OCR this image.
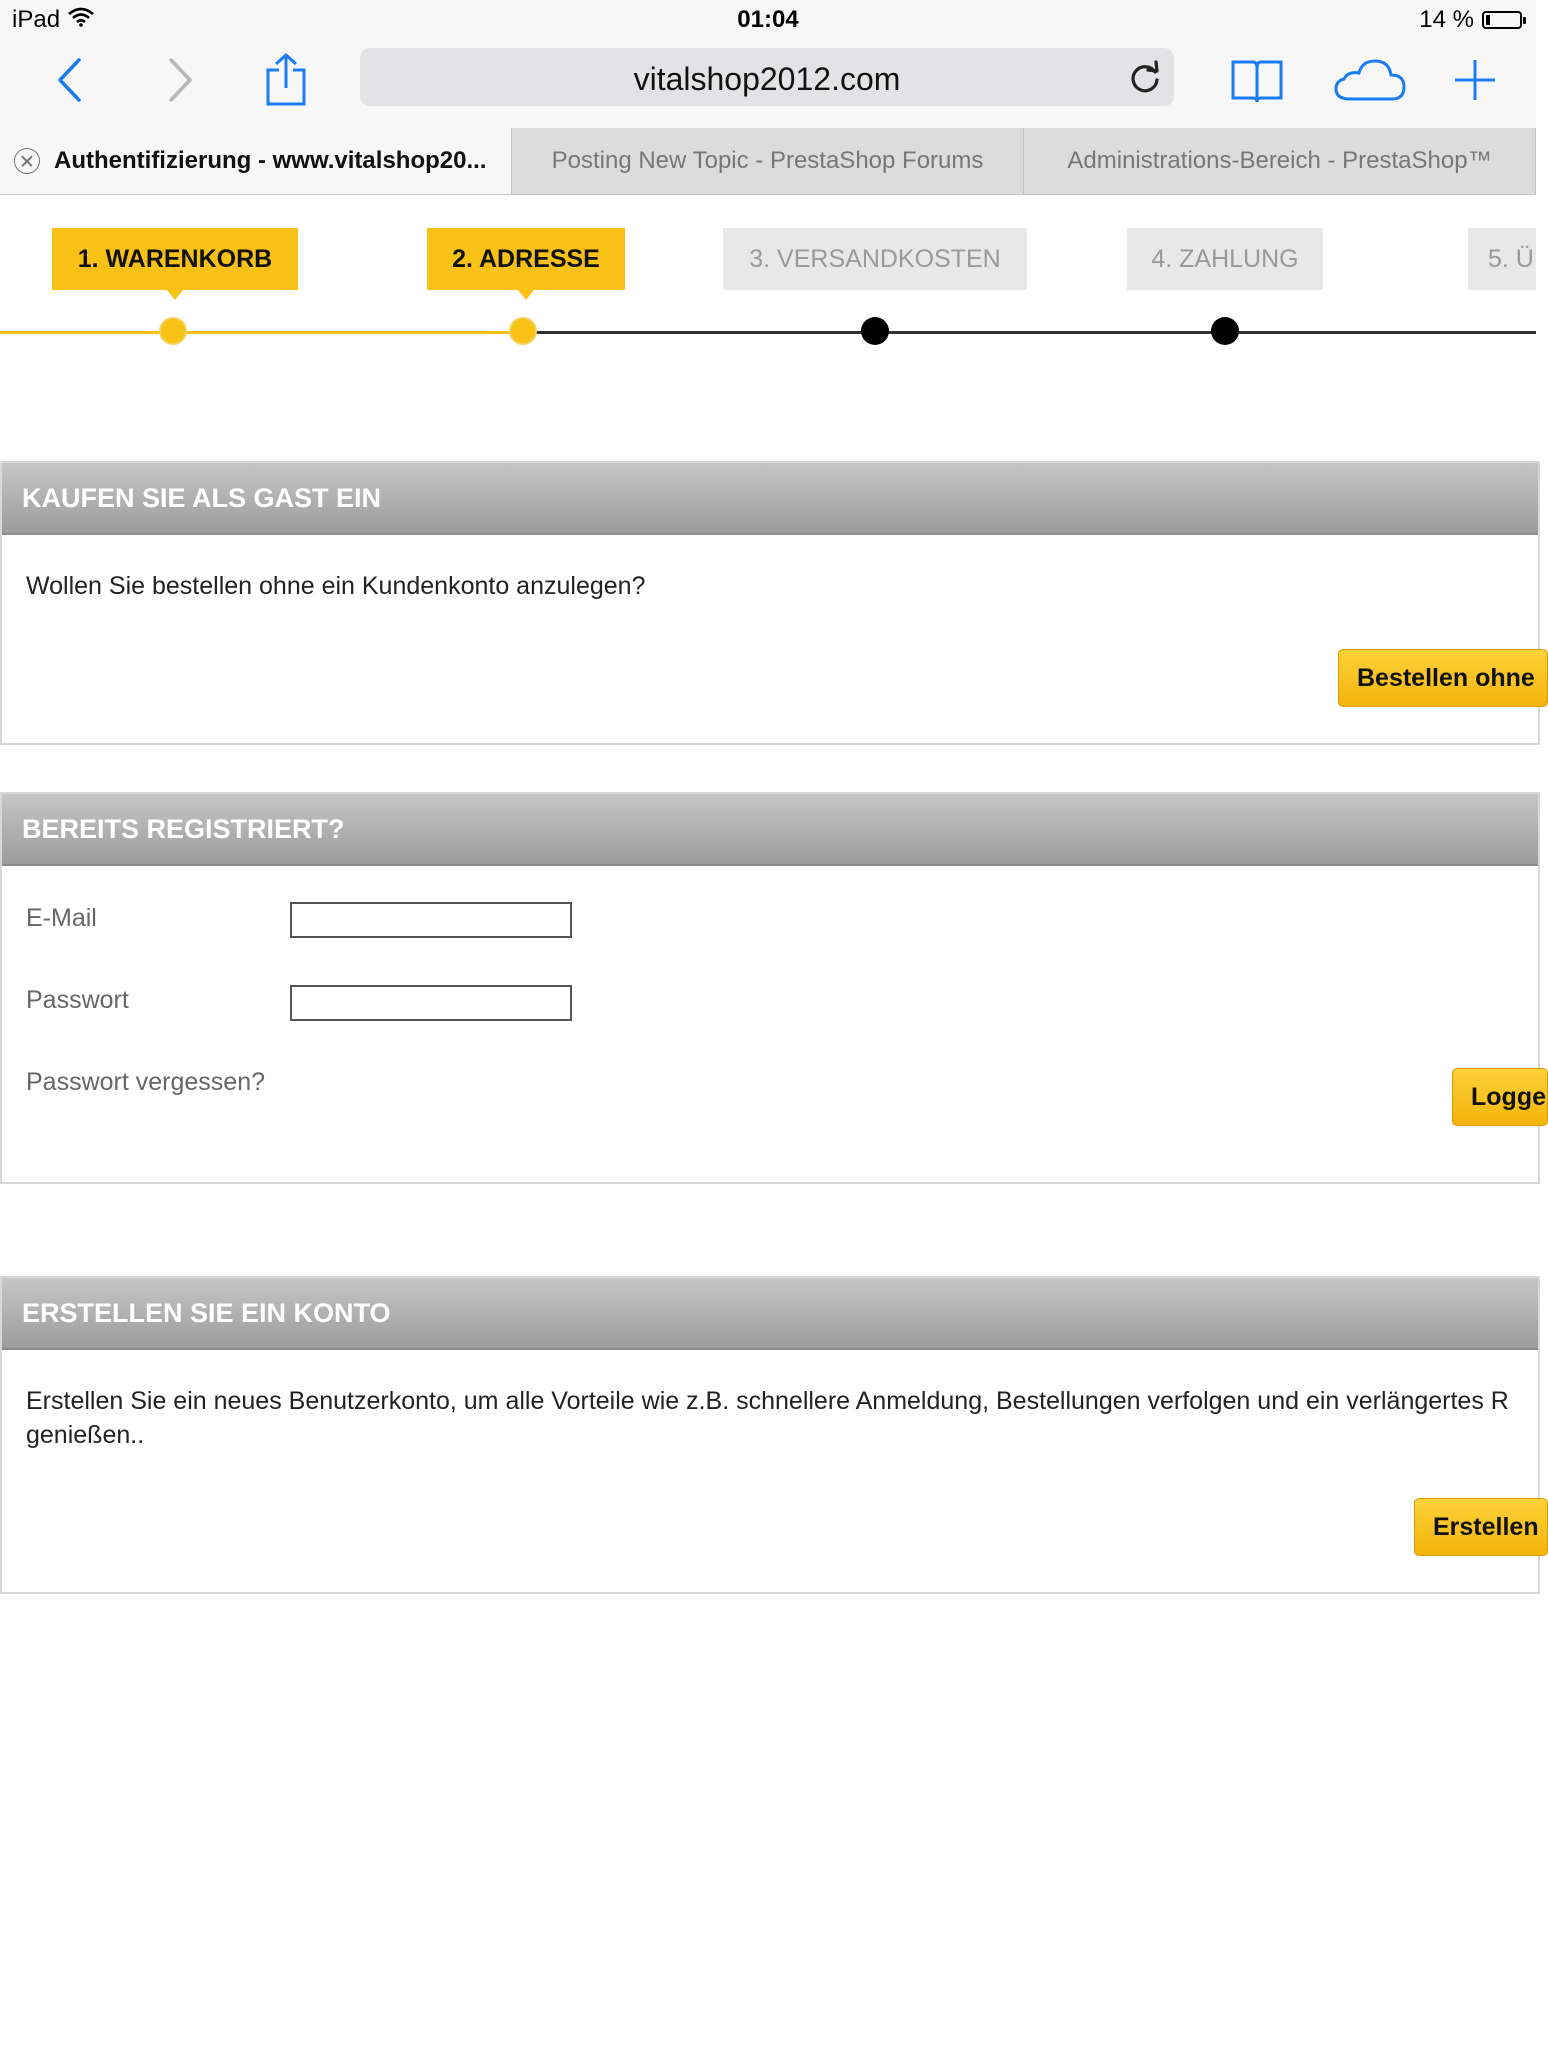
iPad	01:04	14 %
vitalshop2012.com
Authentifizierung - www.vitalshop20...	Posting New Topic - PrestaShop Forums	Administrations-Bereich - PrestaShop™
1. WARENKORB	2. ADRESSE	3. VERSANDKOSTEN	4. ZAHLUNG	5. Ü
KAUFEN SIE ALS GAST EIN
Wollen Sie bestellen ohne ein Kundenkonto anzulegen?
Bestellen ohne
BEREITS REGISTRIERT?
E-Mail
Passwort
Passwort vergessen?
Logge
ERSTELLEN SIE EIN KONTO
Erstellen Sie ein neues Benutzerkonto, um alle Vorteile wie z.B. schnellere Anmeldung, Bestellungen verfolgen und ein verlängertes R genießen..
Erstellen
